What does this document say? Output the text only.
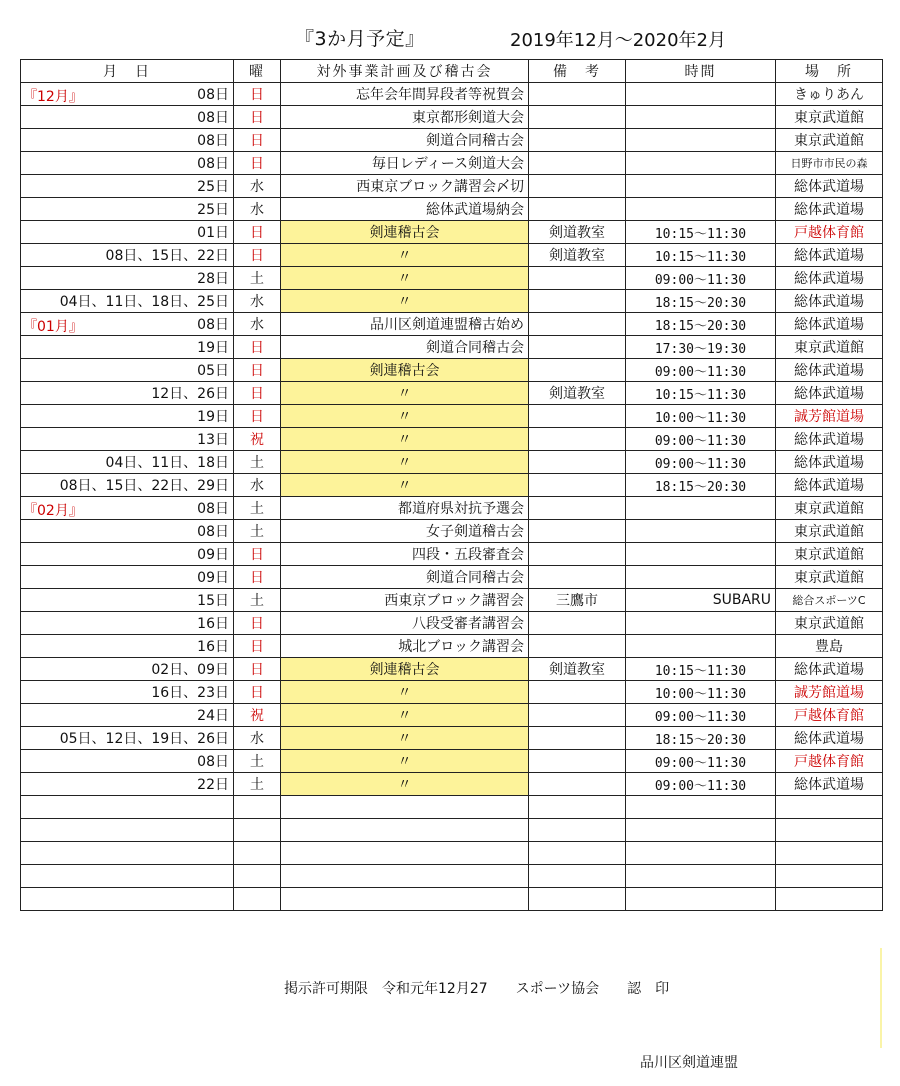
『3か月予定』	2019年12月～2020年2月
月　日	曜	対外事業計画及び稽古会	備　考	時間	場　所

『12月』 08日	日	忘年会年間昇段者等祝賀会			きゅりあん
08日	日	東京都形剣道大会			東京武道館
08日	日	剣道合同稽古会			東京武道館
08日	日	毎日レディース剣道大会			日野市市民の森
25日	水	西東京ブロック講習会〆切			総体武道場
25日	水	総体武道場納会			総体武道場
01日	日	剣連稽古会	剣道教室	10:15～11:30	戸越体育館
08日、15日、22日	日	〃	剣道教室	10:15～11:30	総体武道場
28日	土	〃		09:00～11:30	総体武道場
04日、11日、18日、25日	水	〃		18:15～20:30	総体武道場

『01月』 08日	水	品川区剣道連盟稽古始め		18:15～20:30	総体武道場
19日	日	剣道合同稽古会		17:30～19:30	東京武道館
05日	日	剣連稽古会		09:00～11:30	総体武道場
12日、26日	日	〃	剣道教室	10:15～11:30	総体武道場
19日	日	〃		10:00～11:30	誠芳館道場
13日	祝	〃		09:00～11:30	総体武道場
04日、11日、18日	土	〃		09:00～11:30	総体武道場
08日、15日、22日、29日	水	〃		18:15～20:30	総体武道場

『02月』 08日	土	都道府県対抗予選会			東京武道館
08日	土	女子剣道稽古会			東京武道館
09日	日	四段・五段審査会			東京武道館
09日	日	剣道合同稽古会			東京武道館
15日	土	西東京ブロック講習会	三鷹市	SUBARU	総合スポーツC
16日	日	八段受審者講習会			東京武道館
16日	日	城北ブロック講習会			豊島
02日、09日	日	剣連稽古会	剣道教室	10:15～11:30	総体武道場
16日、23日	日	〃		10:00～11:30	誠芳館道場
24日	祝	〃		09:00～11:30	戸越体育館
05日、12日、19日、26日	水	〃		18:15～20:30	総体武道場
08日	土	〃		09:00～11:30	戸越体育館
22日	土	〃		09:00～11:30	総体武道場

掲示許可期限　令和元年12月27　　スポーツ協会　　認　印
品川区剣道連盟
